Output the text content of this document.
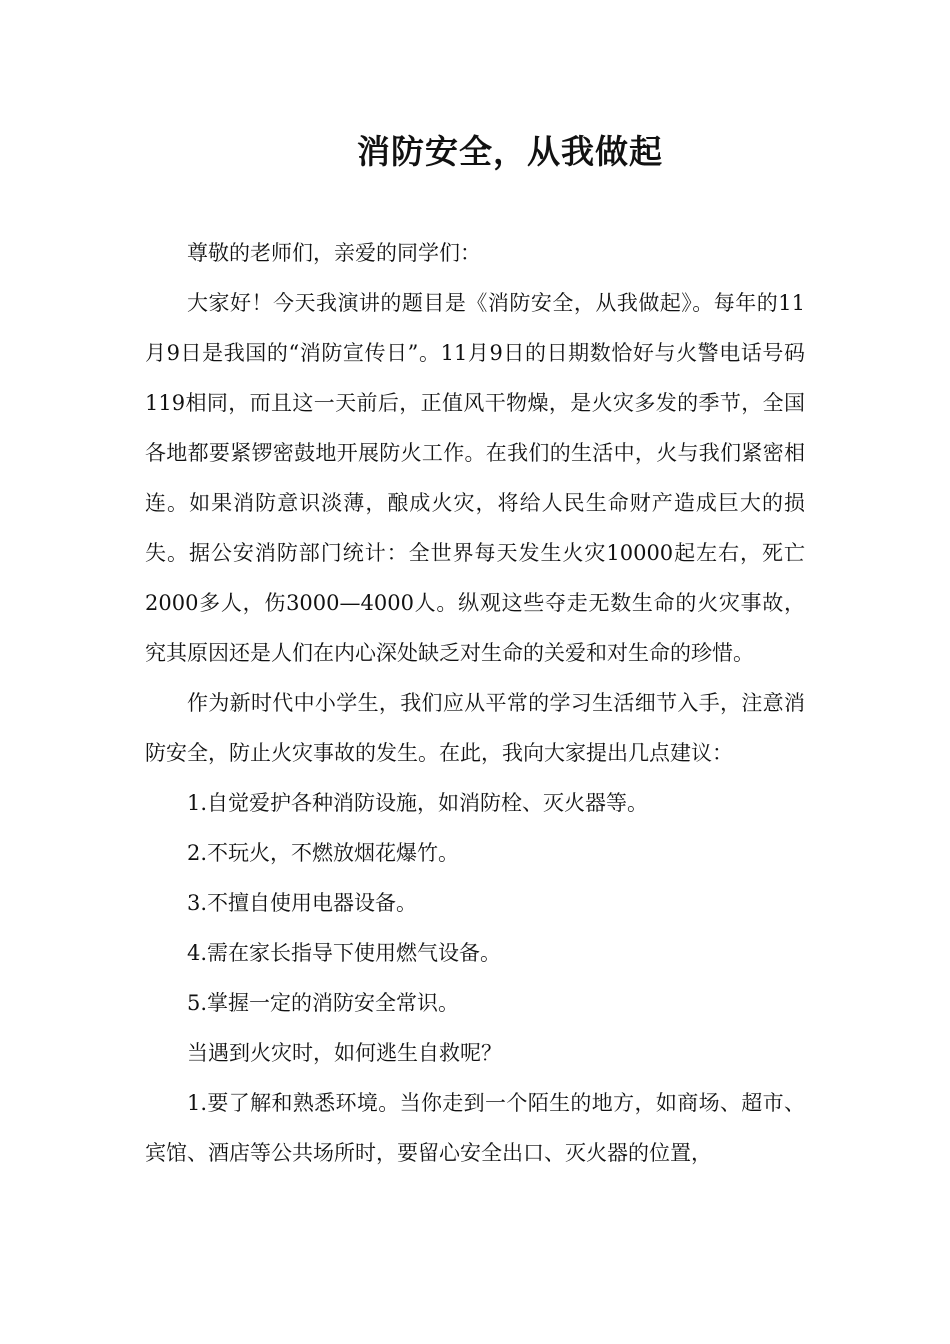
消防安全，从我做起

尊敬的老师们，亲爱的同学们：

大家好！今天我演讲的题目是《消防安全，从我做起》。每年的11月9日是我国的“消防宣传日”。11月9日的日期数恰好与火警电话号码119相同，而且这一天前后，正值风干物燥，是火灾多发的季节，全国各地都要紧锣密鼓地开展防火工作。在我们的生活中，火与我们紧密相连。如果消防意识淡薄，酿成火灾，将给人民生命财产造成巨大的损失。据公安消防部门统计：全世界每天发生火灾10000起左右，死亡2000多人，伤3000—4000人。纵观这些夺走无数生命的火灾事故，究其原因还是人们在内心深处缺乏对生命的关爱和对生命的珍惜。

作为新时代中小学生，我们应从平常的学习生活细节入手，注意消防安全，防止火灾事故的发生。在此，我向大家提出几点建议：

1.自觉爱护各种消防设施，如消防栓、灭火器等。

2.不玩火，不燃放烟花爆竹。

3.不擅自使用电器设备。

4.需在家长指导下使用燃气设备。

5.掌握一定的消防安全常识。

当遇到火灾时，如何逃生自救呢？

1.要了解和熟悉环境。当你走到一个陌生的地方，如商场、超市、宾馆、酒店等公共场所时，要留心安全出口、灭火器的位置，
